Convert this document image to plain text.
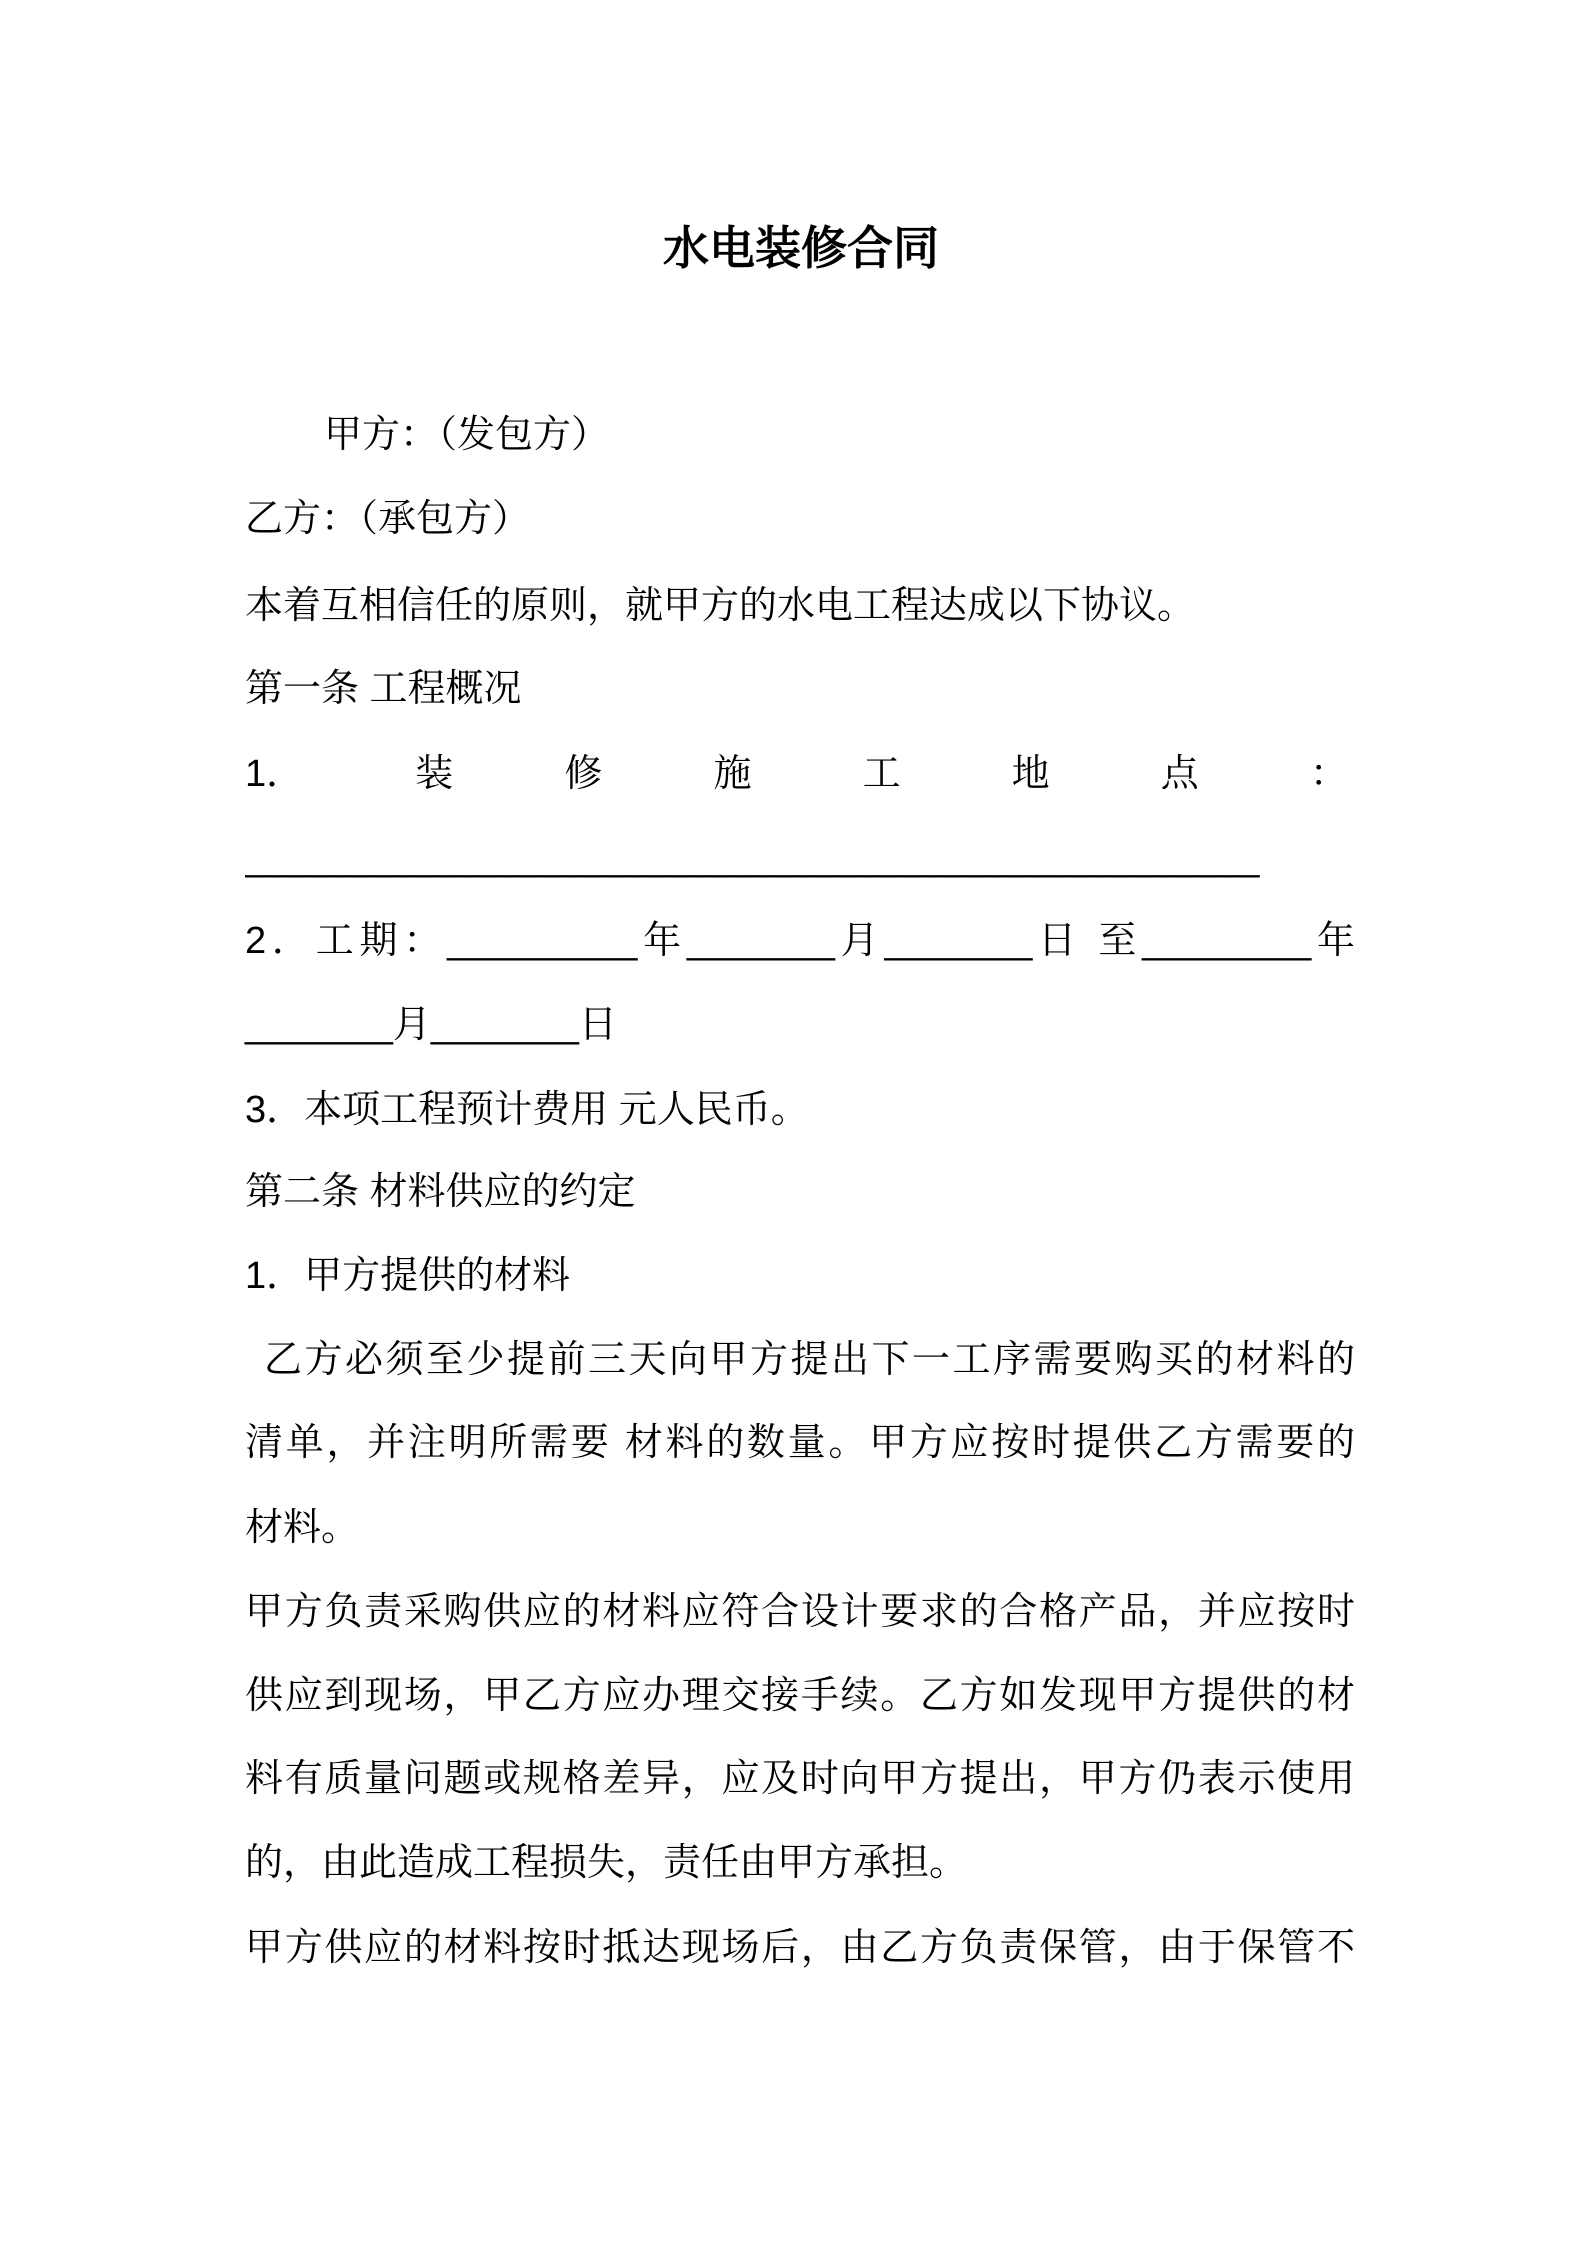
水电装修合同
甲方：（发包方）
乙方：（承包方）
本着互相信任的原则，就甲方的水电工程达成以下协议。
第一条 工程概况
1．	装	修	施	工	地	点	：
________________________________________________
2．工期：_________年_______月_______日 至________年
_______月_______日
3．本项工程预计费用 元人民币。
第二条 材料供应的约定
1．甲方提供的材料
乙方必须至少提前三天向甲方提出下一工序需要购买的材料的
清单，并注明所需要 材料的数量。甲方应按时提供乙方需要的
材料。
甲方负责采购供应的材料应符合设计要求的合格产品，并应按时
供应到现场，甲乙方应办理交接手续。乙方如发现甲方提供的材
料有质量问题或规格差异，应及时向甲方提出，甲方仍表示使用
的，由此造成工程损失，责任由甲方承担。
甲方供应的材料按时抵达现场后，由乙方负责保管，由于保管不
